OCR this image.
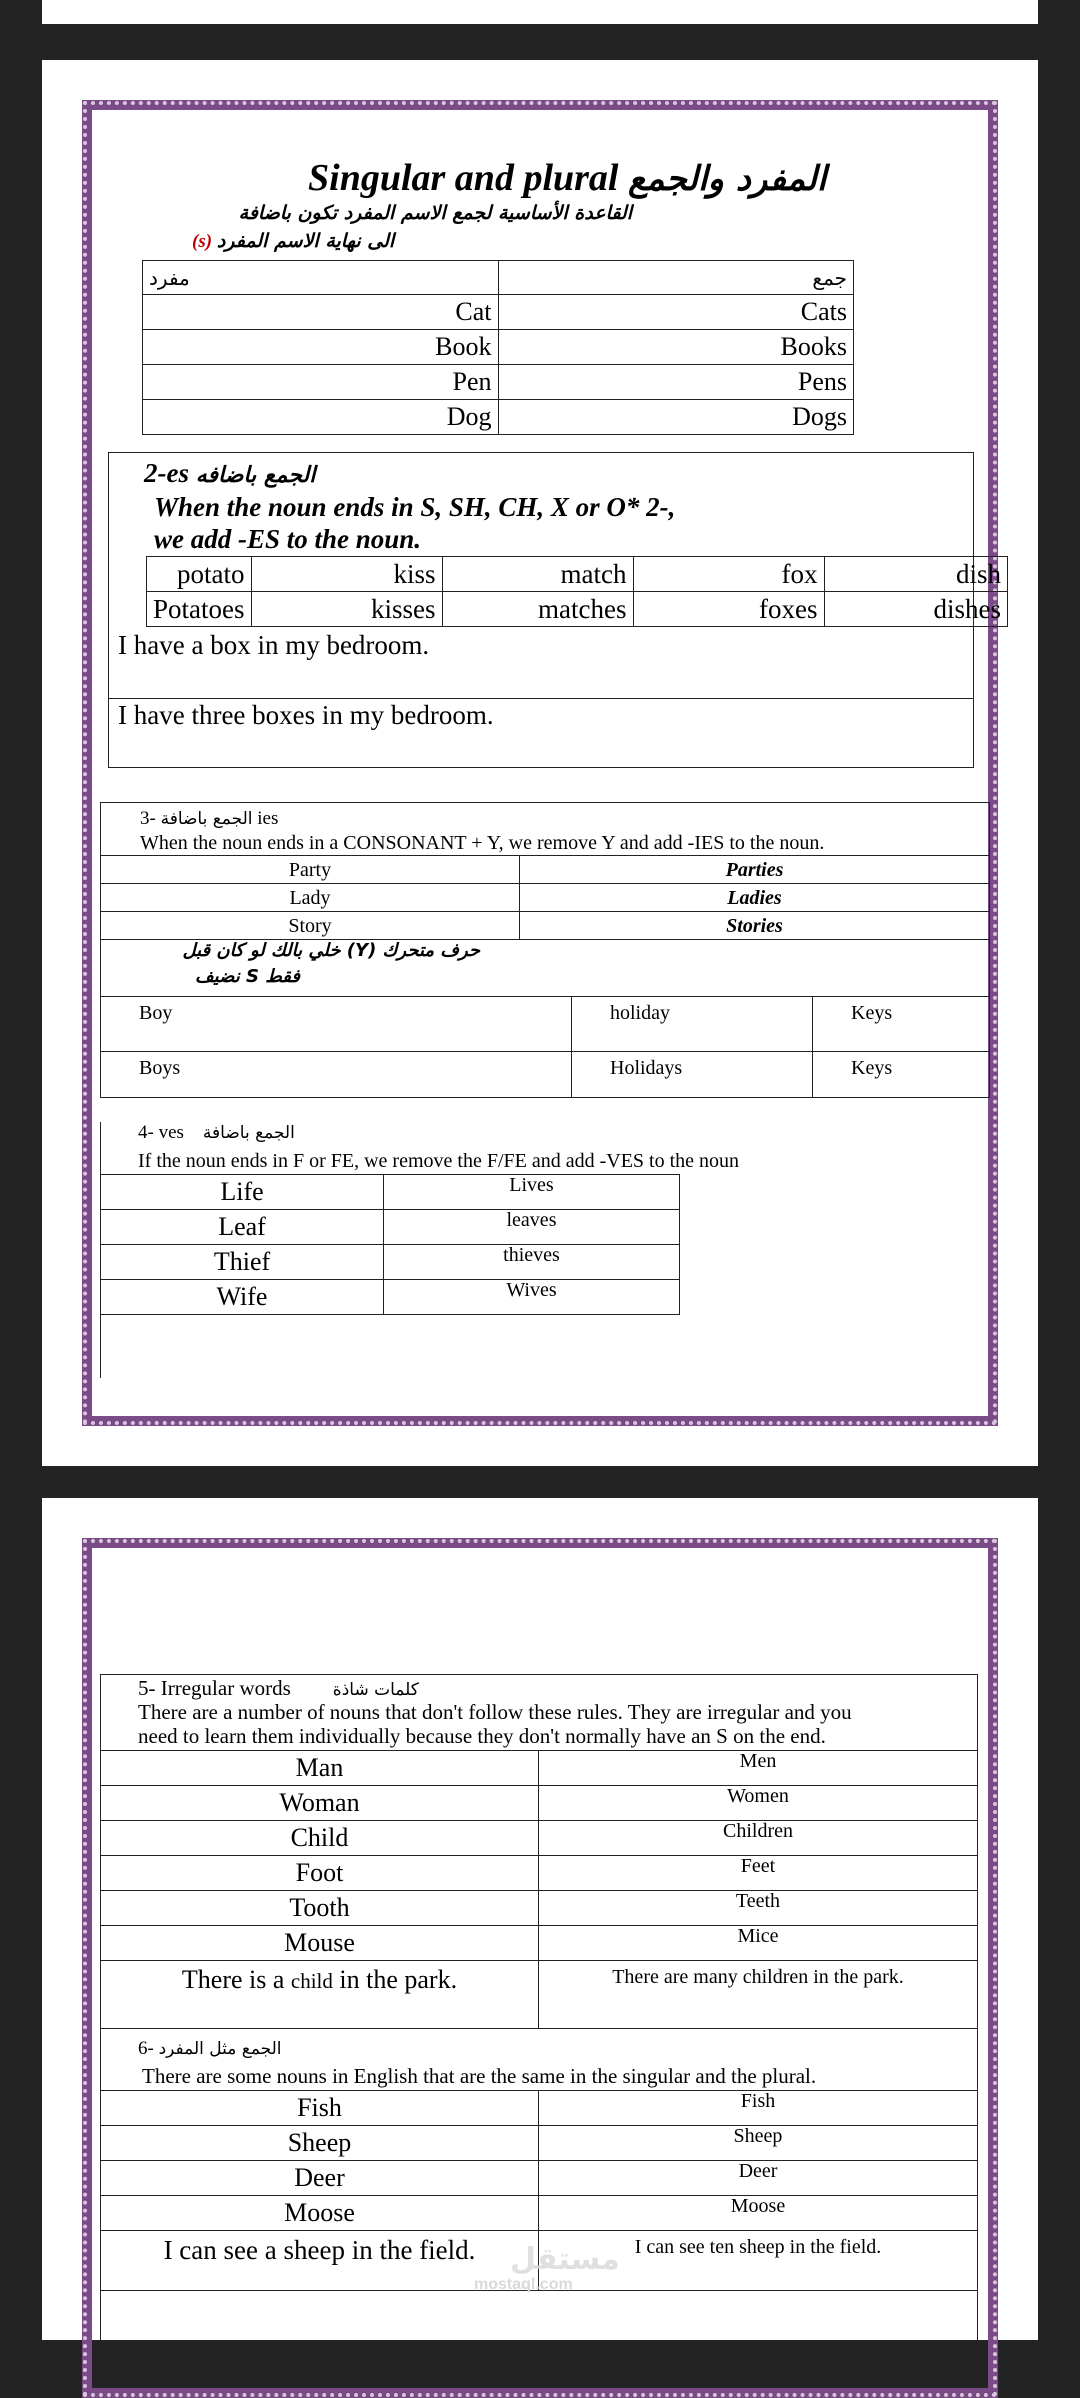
Singular and plural المفرد والجمع
القاعدة الأساسية لجمع الاسم المفرد تكون باضافة
(s) الى نهاية الاسم المفرد
مفرد	جمع
Cat	Cats
Book	Books
Pen	Pens
Dog	Dogs
2-es الجمع باضافه
When the noun ends in S, SH, CH, X or O* 2-,
we add -ES to the noun.
potato	kiss	match	fox	dish
Potatoes	kisses	matches	foxes	dishes
I have a box in my bedroom.
I have three boxes in my bedroom.
3- الجمع باضافة ies
When the noun ends in a CONSONANT + Y, we remove Y and add -IES to the noun.
Party	Parties
Lady	Ladies
Story	Stories
حرف متحرك (Y) خلي بالك لو كان قبل
فقط S نضيف
Boy	holiday	Keys
Boys	Holidays	Keys
4- ves الجمع باضافة
If the noun ends in F or FE, we remove the F/FE and add -VES to the noun
Life	Lives
Leaf	leaves
Thief	thieves
Wife	Wives
5- Irregular words كلمات شاذة
There are a number of nouns that don't follow these rules. They are irregular and you
need to learn them individually because they don't normally have an S on the end.
Man	Men
Woman	Women
Child	Children
Foot	Feet
Tooth	Teeth
Mouse	Mice
There is a child in the park.	There are many children in the park.
6- الجمع مثل المفرد
There are some nouns in English that are the same in the singular and the plural.
Fish	Fish
Sheep	Sheep
Deer	Deer
Moose	Moose
I can see a sheep in the field.	I can see ten sheep in the field.
مستقل
mostaql.com
